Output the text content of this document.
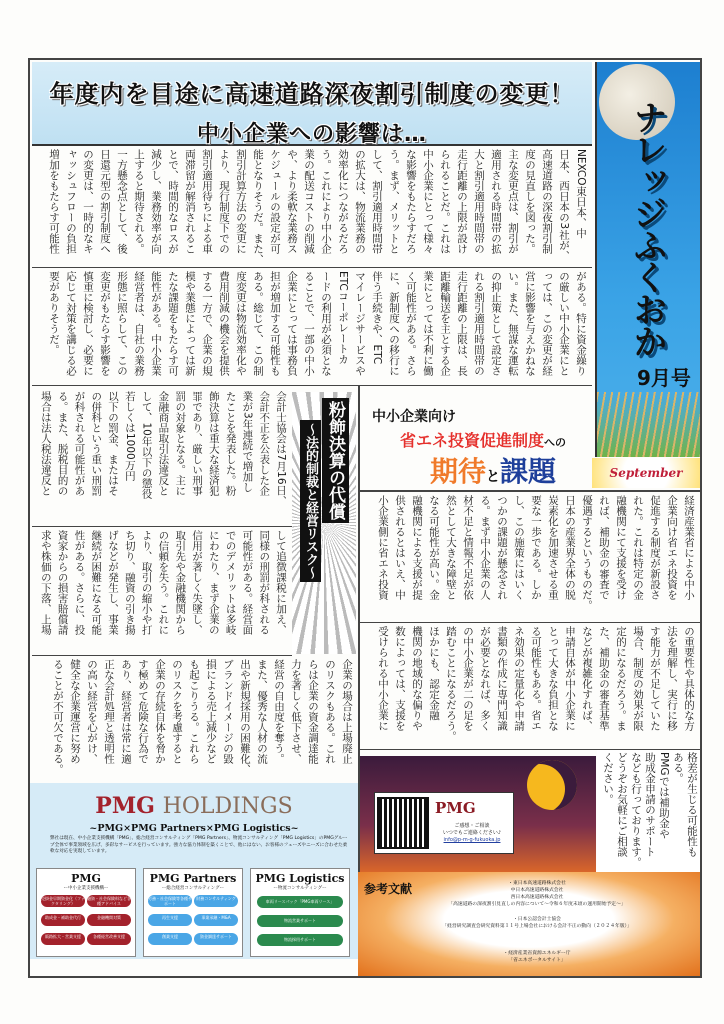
年度内を目途に高速道路深夜割引制度の変更！
中小企業への影響は…
NEXCO東日本、中
日本、西日本の3社が、
高速道路の深夜割引制
度の見直しを図った。
主な変更点は、割引が
適用される時間帯の拡
大と割引適用時間帯の
走行距離の上限が設け
られることだ。これは
中小企業にとって様々
な影響をもたらすだろ
う。まず、メリットと
して、割引適用時間帯
の拡大は、物流業務の
効率化につながるだろ
う。これにより中小企
業の配送コストの削減
や、より柔軟な業務ス
ケジュールの設定が可
能となりそうだ。また、
割引計算方法の変更に
より、現行制度下での
割引適用待ちによる車
両滞留が解消されるこ
とで、時間的なロスが
減少し、業務効率が向
上すると期待される。
一方懸念点として、後
日還元型の割引制度へ
の変更は、一時的なキ
ャッシュフローの負担
増加をもたらす可能性
がある。特に資金繰り
の厳しい中小企業にと
っては、この変更が経
営に影響を与えかねな
い。また、無謀な運転
の抑止策として設定さ
れる割引適用時間帯の
走行距離の上限は、長
距離輸送を主とする企
業にとっては不利に働
く可能性がある。さら
に、新制度への移行に
伴う手続きや、ETC
マイレージサービスや
ETCコーポレートカ
ードの利用が必須とな
ることで、一部の中小
企業にとっては事務負
担が増加する可能性も
ある。総じて、この制
度変更は物流効率化や
費用削減の機会を提供
する一方で、企業の規
模や業態によっては新
たな課題をもたらす可
能性がある。中小企業
経営者は、自社の業務
形態に照らして、この
変更がもたらす影響を
慎重に検討し、必要に
応じて対策を講じる必
要がありそうだ。	ナレッジふくおか
9月号
September
会計士協会は7月16日、
会計不正を公表した企
業が3年連続で増加し
たことを発表した。粉
飾決算は重大な経済犯
罪であり、厳しい刑事
罰の対象となる。主に
金融商品取引法違反と
して、10年以下の懲役
若しくは1000万円
以下の罰金、またはそ
の併科という重い刑罰
が科される可能性があ
る。また、脱税目的の
場合は法人税法違反と
して追徴課税に加え、
同様の刑罰が科される
可能性がある。経営面
でのデメリットは多岐
にわたり、まず企業の
信用が著しく失墜し、
取引先や金融機関から
の信頼を失う。これに
より、取引の縮小や打
ち切り、融資の引き揚
げなどが発生し、事業
継続が困難になる可能
性がある。さらに、投
資家からの損害賠償請
求や株価の下落、上場
粉飾決算の代償
～法的制裁と経営リスク～
企業の場合は上場廃止
のリスクもある。これ
らは企業の資金調達能
力を著しく低下させ、
経営の自由度を奪う。
また、優秀な人材の流
出や新規採用の困難化、
ブランドイメージの毀
損による売上減少など
も起こりうる。これら
のリスクを考慮すると
企業の存続自体を脅か
す極めて危険な行為で
あり、経営者は常に適
正な会計処理と透明性
の高い経営を心がけ、
健全な企業運営に努め
ることが不可欠である。
中小企業向け
省エネ投資促進制度への
期待と課題
経済産業省による中小
企業向け省エネ投資を
促進する制度が新設さ
れた。これは特定の金
融機関にて支援を受け
れば、補助金の審査で
優遇するというものだ。
日本の産業界全体の脱
炭素化を加速させる重
要な一歩である。しか
し、この施策にはいく
つかの課題が懸念され
る。まず中小企業の人
材不足と情報不足が依
然として大きな障壁と
なる可能性が高い。金
融機関による支援が提
供されるとはいえ、中
小企業側に省エネ投資
の重要性や具体的な方
法を理解し、実行に移
す能力が不足していた
場合、制度の効果が限
定的になるだろう。ま
た、補助金の審査基準
などが複雑化すれば、
申請自体が中小企業に
とって大きな負担とな
る可能性もある。省エ
ネ効果の定量化や申請
書類の作成に専門知識
が必要となれば、多く
の中小企業が二の足を
踏むことになるだろう。
ほかにも、認定金融
機関の地域的な偏りや
数によっては、支援を
受けられる中小企業に
PMG
ご感想・ご相談
いつでもご連絡ください♪
info@p-m-g-fukuoka.jp	格差が生じる可能性も
ある。
PMGでは補助金や
助成金申請のサポート
なども行っております。
どうぞお気軽にご相談
ください。
参考文献	・東日本高速道路株式会社
中日本高速道路株式会社
西日本高速道路株式会社
「高速道路の深夜割引見直しの内容について～令和６年度末頃の運用開始予定～」
・日本公認会計士協会
「経営研究調査会研究資料第１１号上場会社における会計不正の動向（２０２４年版）」
・経済産業省資源エネルギー庁
「省エネポータルサイト」
PMG HOLDINGS
~PMG×PMG Partners×PMG Logistics~
弊社は現在、中小企業支援機構「PMG」、総合経営コンサルティング「PMG Partners」、物流コンサルティング「PMG Logistics」のPMGグループ全体で事業領域を広げ、多彩なサービスを行っています。強力な協力体制を築くことで、他にはない、お客様のフェーズやニーズに合わせた柔軟な対応を実現しています。
PMG
ー中小企業支援機構ー
売掛金早期資金化（ファクタリング）融資・社会保険料など各種アドバイス助成金・補助金代行	金融機関対策販路拡大・営業支援	各種経営改善支援
PMG Partners
ー総合経営コンサルティングー
労務・社会保険等各種サポート財務コンサルティング再生支援	事業承継・M&A創業支援	資金調達サポート
PMG Logistics
ー物流コンサルティングー
車両リースパック「PMG車両リース」
物流営業サポート
物流採用サポート
